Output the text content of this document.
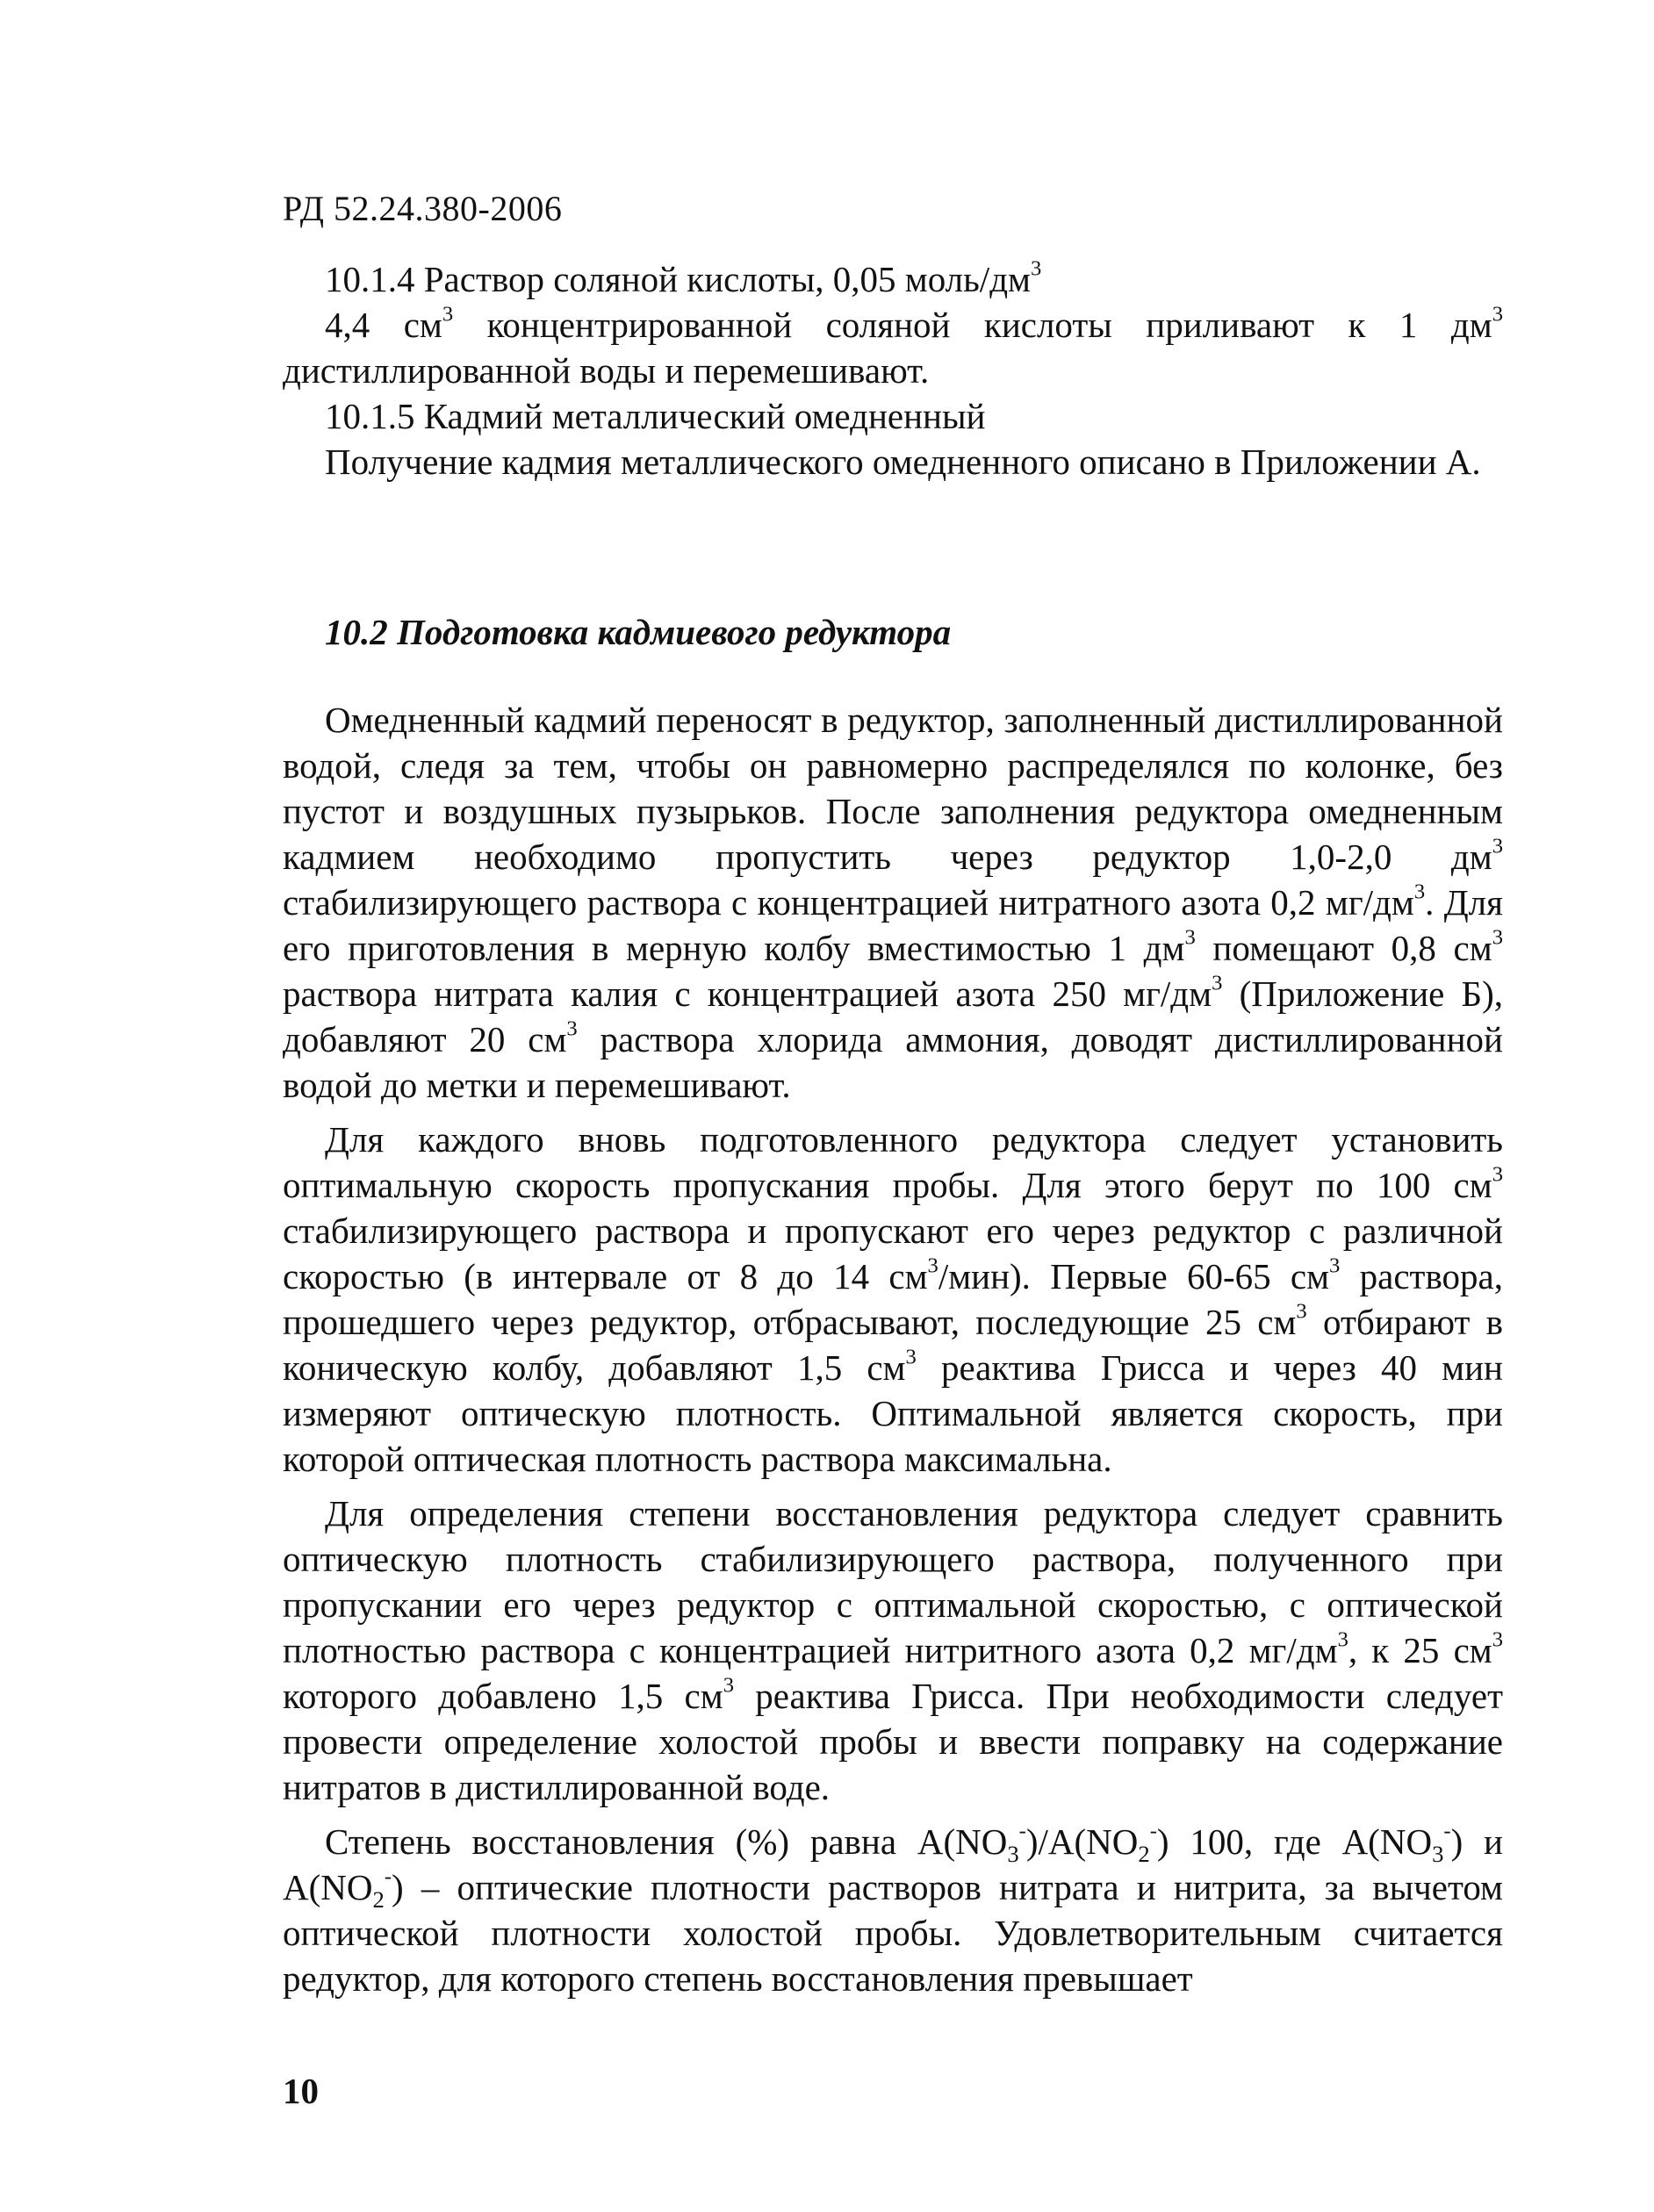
РД 52.24.380-2006

10.1.4 Раствор соляной кислоты, 0,05 моль/$дм^3$

4,4 $см^3$ концентрированной соляной кислоты приливают к 1 $дм^3$ дистиллированной воды и перемешивают.

10.1.5 Кадмий металлический омедненный

Получение кадмия металлического омедненного описано в Приложении А.

10.2 Подготовка кадмиевого редуктора

Омедненный кадмий переносят в редуктор, заполненный дистиллированной водой, следя за тем, чтобы он равномерно распределялся по колонке, без пустот и воздушных пузырьков. После заполнения редуктора омедненным кадмием необходимо пропустить через редуктор 1,0-2,0 $дм^3$ стабилизирующего раствора с концентрацией нитратного азота 0,2 $мг/дм^3$. Для его приготовления в мерную колбу вместимостью 1 $дм^3$ помещают 0,8 $см^3$ раствора нитрата калия с концентрацией азота 250 $мг/дм^3$ (Приложение Б), добавляют 20 $см^3$ раствора хлорида аммония, доводят дистиллированной водой до метки и перемешивают.

Для каждого вновь подготовленного редуктора следует установить оптимальную скорость пропускания пробы. Для этого берут по 100 $см^3$ стабилизирующего раствора и пропускают его через редуктор с различной скоростью (в интервале от 8 до 14 $см^3/мин$). Первые 60-65 $см^3$ раствора, прошедшего через редуктор, отбрасывают, последующие 25 $см^3$ отбирают в коническую колбу, добавляют 1,5 $см^3$ реактива Грисса и через 40 мин измеряют оптическую плотность. Оптимальной является скорость, при которой оптическая плотность раствора максимальна.

Для определения степени восстановления редуктора следует сравнить оптическую плотность стабилизирующего раствора, полученного при пропускании его через редуктор с оптимальной скоростью, с оптической плотностью раствора с концентрацией нитритного азота 0,2 $мг/дм^3$, к 25 $см^3$ которого добавлено 1,5 $см^3$ реактива Грисса. При необходимости следует провести определение холостой пробы и ввести поправку на содержание нитратов в дистиллированной воде.

Степень восстановления (%) равна $A(NO_3^-)/A(NO_2^-)$ 100, где $A(NO_3^-)$ и $A(NO_2^-)$ – оптические плотности растворов нитрата и нитрита, за вычетом оптической плотности холостой пробы. Удовлетворительным считается редуктор, для которого степень восстановления превышает

10
